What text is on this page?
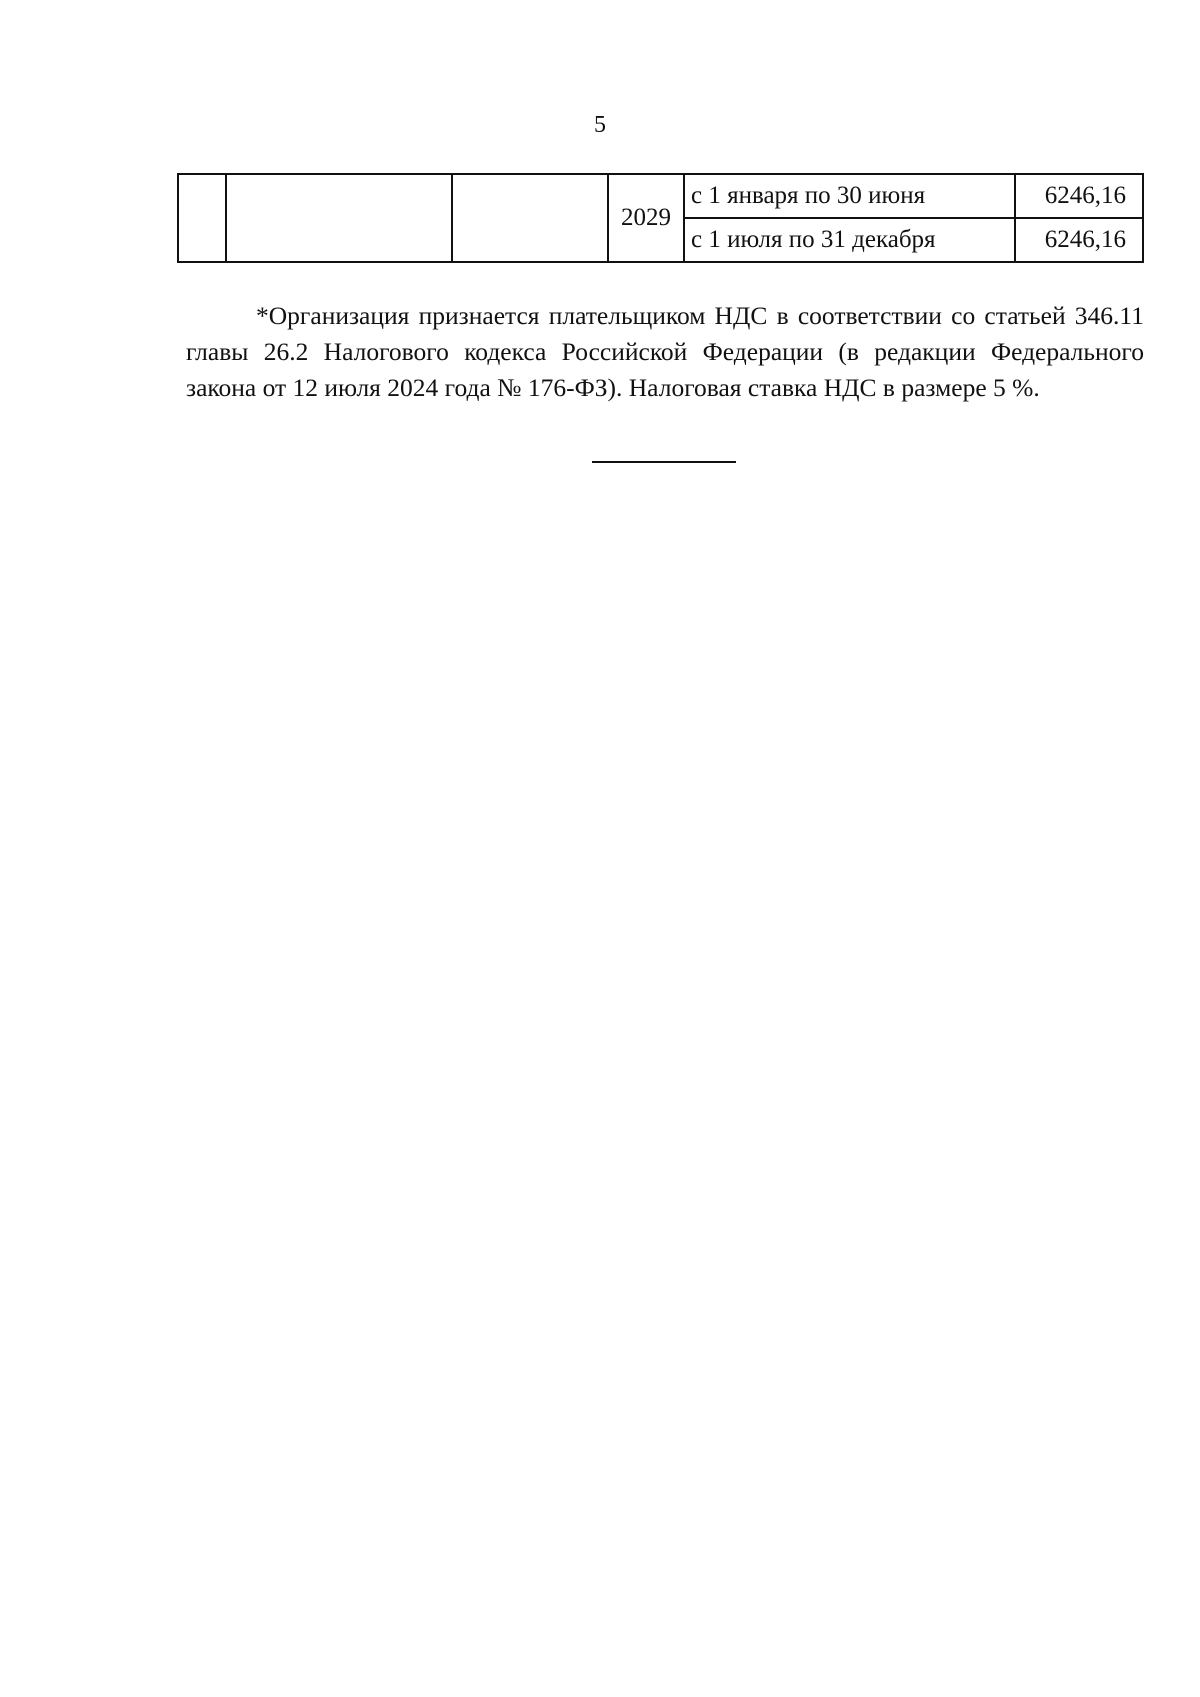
5
			2029	с 1 января по 30 июня	6246,16
				с 1 июля по 31 декабря	6246,16

*Организация признается плательщиком НДС в соответствии со статьей 346.11 главы 26.2 Налогового кодекса Российской Федерации (в редакции Федерального закона от 12 июля 2024 года № 176-ФЗ). Налоговая ставка НДС в размере 5 %.
